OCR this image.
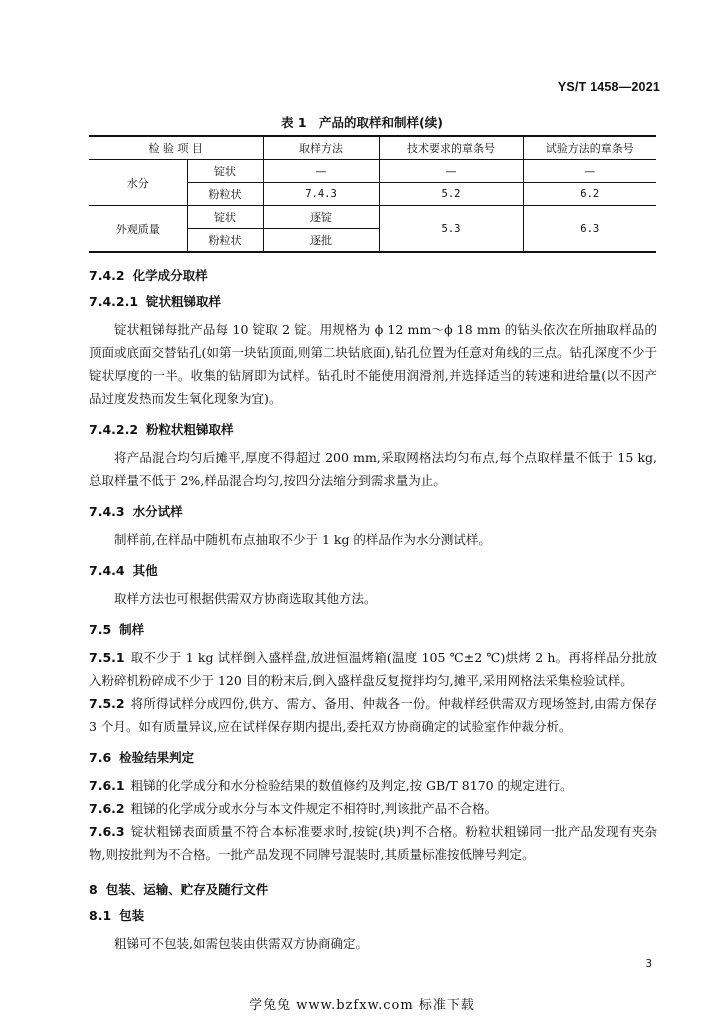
YS/T 1458—2021
表 1　产品的取样和制样(续)
检 验 项 目		取样方法	技术要求的章条号	试验方法的章条号
水分	锭状	—	—	—
	粉粒状	7.4.3	5.2	6.2
外观质量	锭状	逐锭	5.3	6.3
	粉粒状	逐批		

7.4.2 化学成分取样

7.4.2.1 锭状粗锑取样

锭状粗锑每批产品每 10 锭取 2 锭。用规格为 ϕ 12 mm～ϕ 18 mm 的钻头依次在所抽取样品的顶面或底面交替钻孔(如第一块钻顶面,则第二块钻底面),钻孔位置为任意对角线的三点。钻孔深度不少于锭状厚度的一半。收集的钻屑即为试样。钻孔时不能使用润滑剂,并选择适当的转速和进给量(以不因产品过度发热而发生氧化现象为宜)。

7.4.2.2 粉粒状粗锑取样

将产品混合均匀后摊平,厚度不得超过 200 mm,采取网格法均匀布点,每个点取样量不低于 15 kg,总取样量不低于 2%,样品混合均匀,按四分法缩分到需求量为止。

7.4.3 水分试样

制样前,在样品中随机布点抽取不少于 1 kg 的样品作为水分测试样。

7.4.4 其他

取样方法也可根据供需双方协商选取其他方法。

7.5 制样

7.5.1 取不少于 1 kg 试样倒入盛样盘,放进恒温烤箱(温度 105 ℃±2 ℃)烘烤 2 h。再将样品分批放入粉碎机粉碎成不少于 120 目的粉末后,倒入盛样盘反复搅拌均匀,摊平,采用网格法采集检验试样。

7.5.2 将所得试样分成四份,供方、需方、备用、仲裁各一份。仲裁样经供需双方现场签封,由需方保存 3 个月。如有质量异议,应在试样保存期内提出,委托双方协商确定的试验室作仲裁分析。

7.6 检验结果判定

7.6.1 粗锑的化学成分和水分检验结果的数值修约及判定,按 GB/T 8170 的规定进行。

7.6.2 粗锑的化学成分或水分与本文件规定不相符时,判该批产品不合格。

7.6.3 锭状粗锑表面质量不符合本标准要求时,按锭(块)判不合格。粉粒状粗锑同一批产品发现有夹杂物,则按批判为不合格。一批产品发现不同牌号混装时,其质量标准按低牌号判定。

8 包装、运输、贮存及随行文件

8.1 包装

粗锑可不包装,如需包装由供需双方协商确定。

3
学兔兔 www.bzfxw.com 标准下载
